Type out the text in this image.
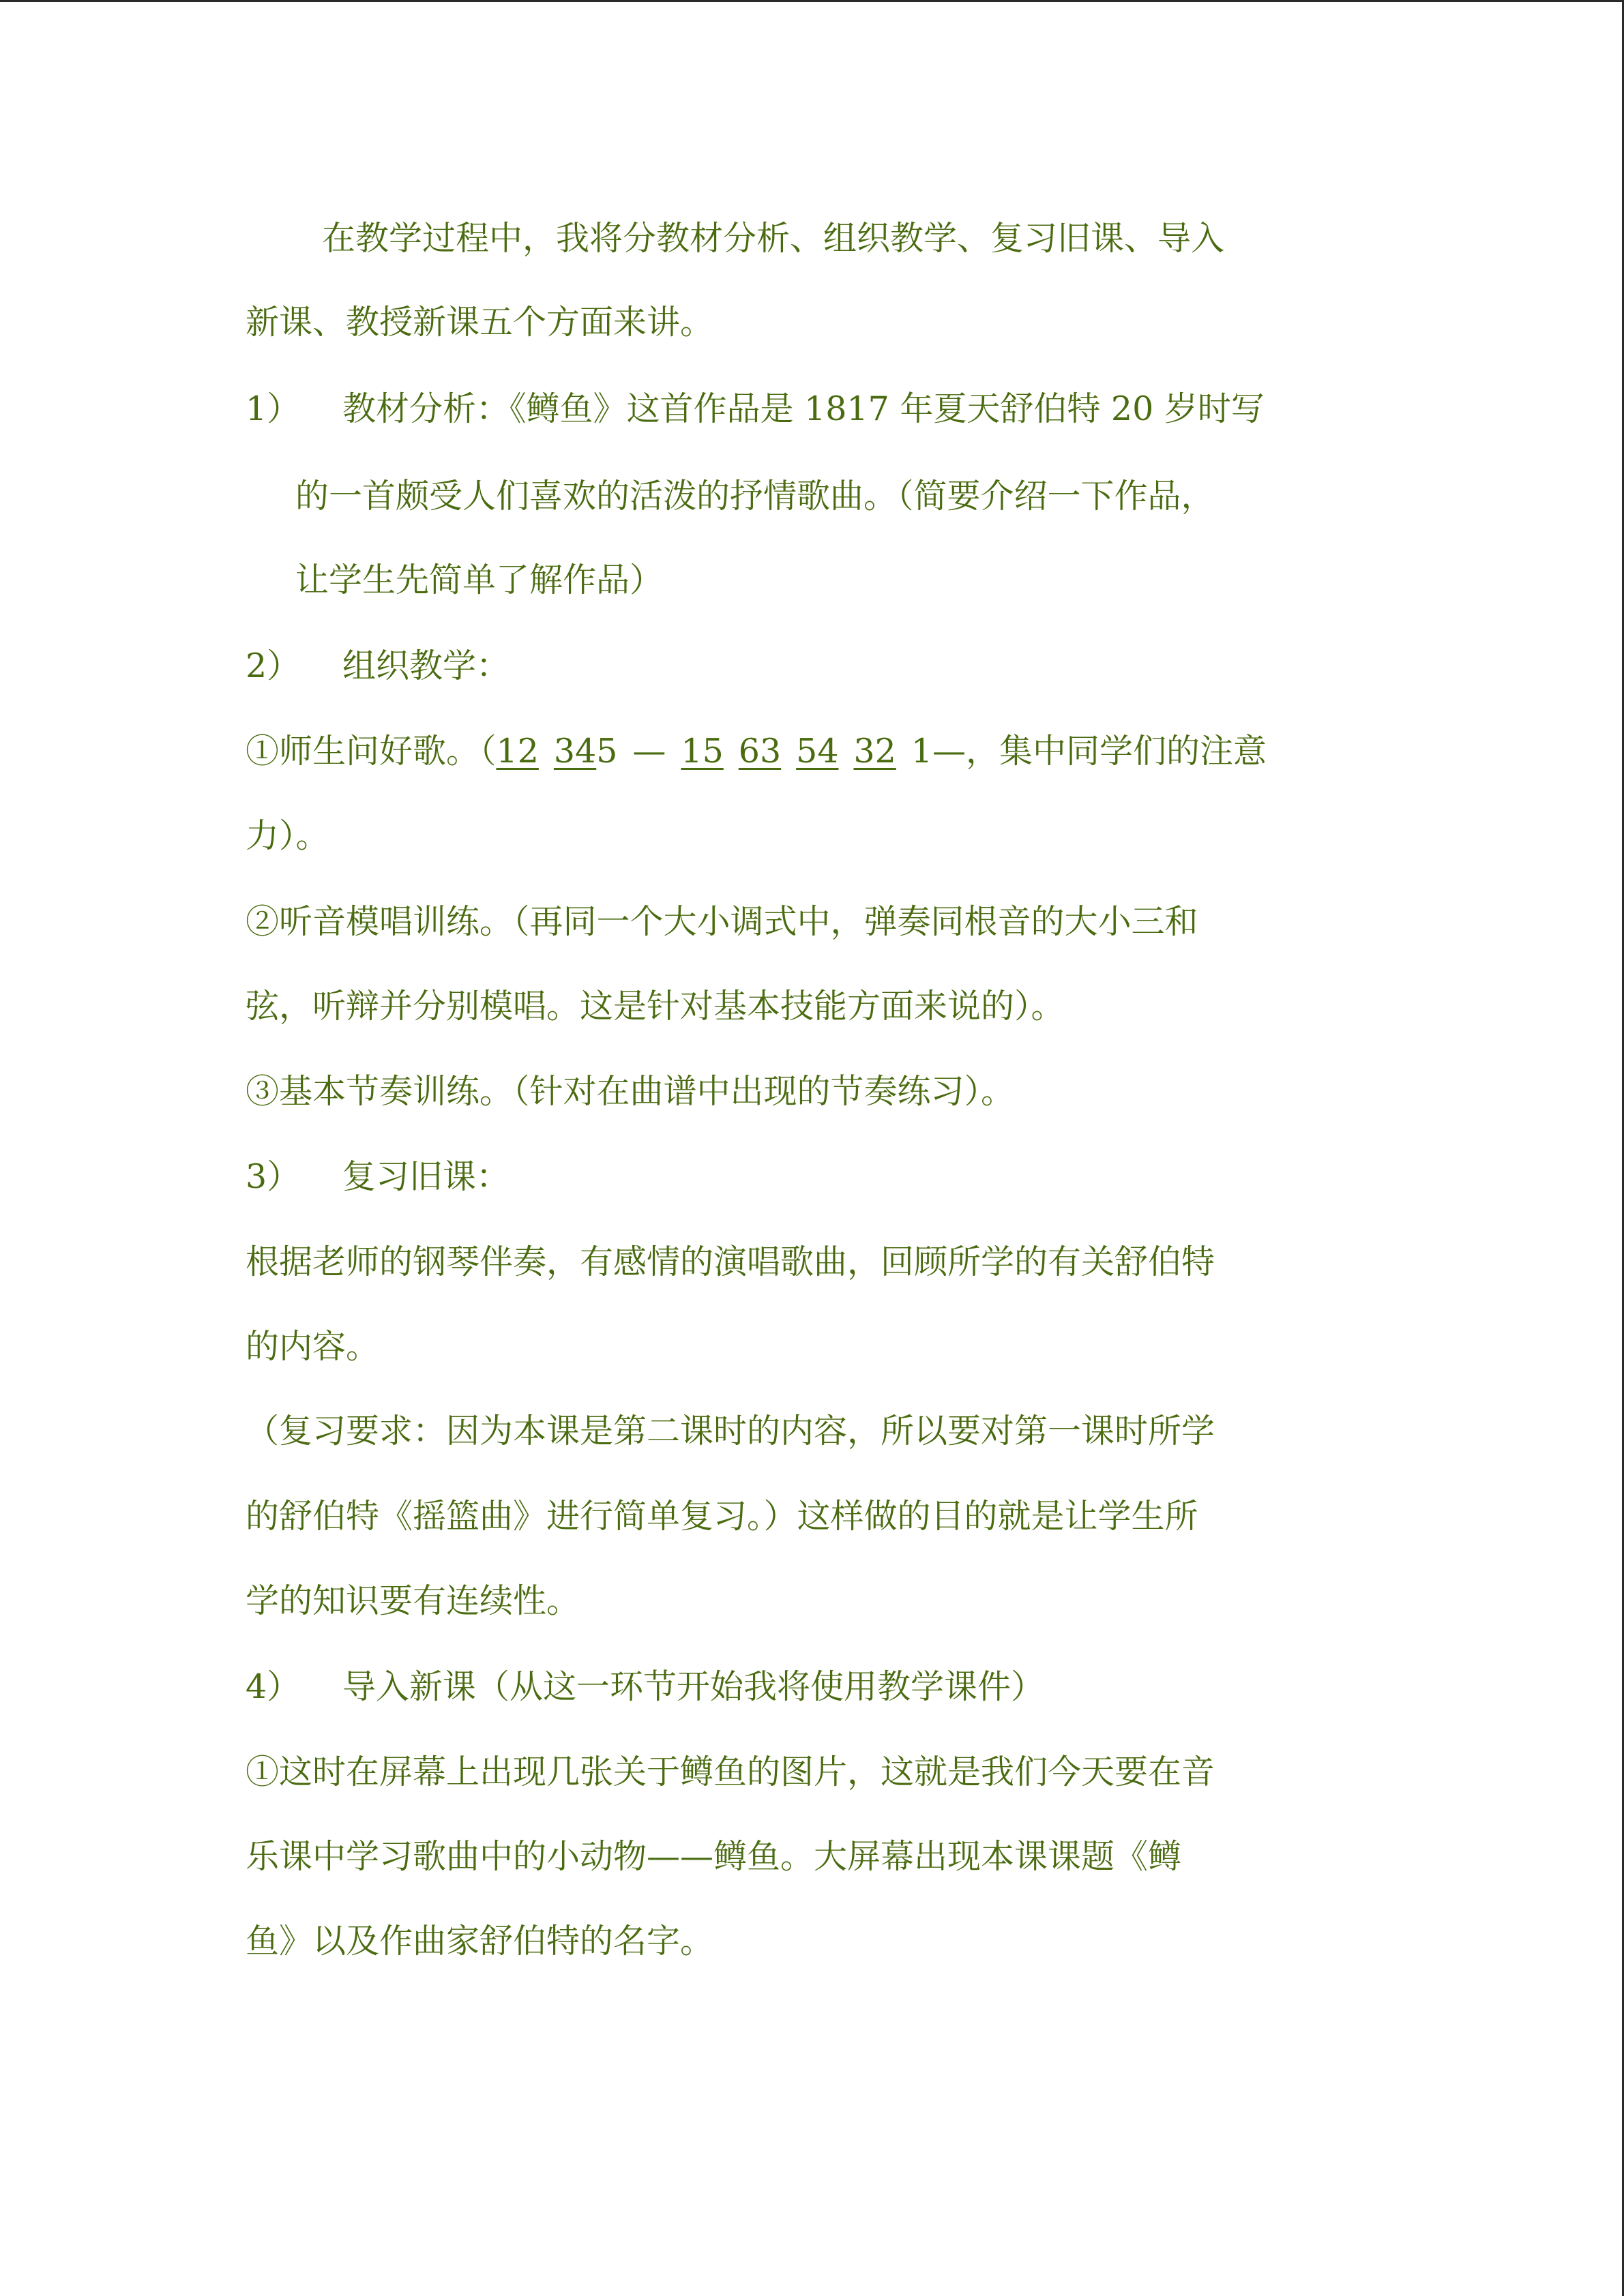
在教学过程中，我将分教材分析、组织教学、复习旧课、导入
新课、教授新课五个方面来讲。
1） 教材分析：《鳟鱼》这首作品是 1817 年夏天舒伯特 20 岁时写
的一首颇受人们喜欢的活泼的抒情歌曲。（简要介绍一下作品，
让学生先简单了解作品）
2） 组织教学：
①师生问好歌。（12 345 — 15 63 54 32 1—，集中同学们的注意
力）。
②听音模唱训练。（再同一个大小调式中，弹奏同根音的大小三和
弦，听辩并分别模唱。这是针对基本技能方面来说的）。
③基本节奏训练。（针对在曲谱中出现的节奏练习）。
3） 复习旧课：
根据老师的钢琴伴奏，有感情的演唱歌曲，回顾所学的有关舒伯特
的内容。
（复习要求：因为本课是第二课时的内容，所以要对第一课时所学
的舒伯特《摇篮曲》进行简单复习。）这样做的目的就是让学生所
学的知识要有连续性。
4） 导入新课（从这一环节开始我将使用教学课件）
①这时在屏幕上出现几张关于鳟鱼的图片，这就是我们今天要在音
乐课中学习歌曲中的小动物——鳟鱼。大屏幕出现本课课题《鳟
鱼》以及作曲家舒伯特的名字。
